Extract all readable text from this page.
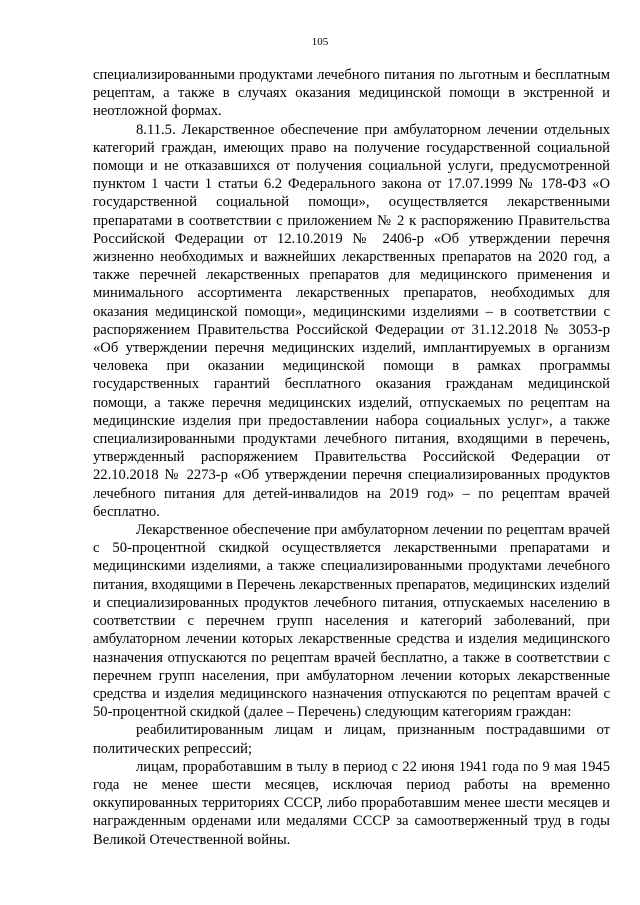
105

специализированными продуктами лечебного питания по льготным и бесплатным рецептам, а также в случаях оказания медицинской помощи в экстренной и неотложной формах.

8.11.5. Лекарственное обеспечение при амбулаторном лечении отдельных категорий граждан, имеющих право на получение государственной социальной помощи и не отказавшихся от получения социальной услуги, предусмотренной пунктом 1 части 1 статьи 6.2 Федерального закона от 17.07.1999 № 178-ФЗ «О государственной социальной помощи», осуществляется лекарственными препаратами в соответствии с приложением № 2 к распоряжению Правительства Российской Федерации от 12.10.2019 № 2406-р «Об утверждении перечня жизненно необходимых и важнейших лекарственных препаратов на 2020 год, а также перечней лекарственных препаратов для медицинского применения и минимального ассортимента лекарственных препаратов, необходимых для оказания медицинской помощи», медицинскими изделиями – в соответствии с распоряжением Правительства Российской Федерации от 31.12.2018 № 3053-р «Об утверждении перечня медицинских изделий, имплантируемых в организм человека при оказании медицинской помощи в рамках программы государственных гарантий бесплатного оказания гражданам медицинской помощи, а также перечня медицинских изделий, отпускаемых по рецептам на медицинские изделия при предоставлении набора социальных услуг», а также специализированными продуктами лечебного питания, входящими в перечень, утвержденный распоряжением Правительства Российской Федерации от 22.10.2018 № 2273-р «Об утверждении перечня специализированных продуктов лечебного питания для детей-инвалидов на 2019 год» – по рецептам врачей бесплатно.

Лекарственное обеспечение при амбулаторном лечении по рецептам врачей с 50-процентной скидкой осуществляется лекарственными препаратами и медицинскими изделиями, а также специализированными продуктами лечебного питания, входящими в Перечень лекарственных препаратов, медицинских изделий и специализированных продуктов лечебного питания, отпускаемых населению в соответствии с перечнем групп населения и категорий заболеваний, при амбулаторном лечении которых лекарственные средства и изделия медицинского назначения отпускаются по рецептам врачей бесплатно, а также в соответствии с перечнем групп населения, при амбулаторном лечении которых лекарственные средства и изделия медицинского назначения отпускаются по рецептам врачей с 50-процентной скидкой (далее – Перечень) следующим категориям граждан:

реабилитированным лицам и лицам, признанным пострадавшими от политических репрессий;

лицам, проработавшим в тылу в период с 22 июня 1941 года по 9 мая 1945 года не менее шести месяцев, исключая период работы на временно оккупированных территориях СССР, либо проработавшим менее шести месяцев и награжденным орденами или медалями СССР за самоотверженный труд в годы Великой Отечественной войны.
